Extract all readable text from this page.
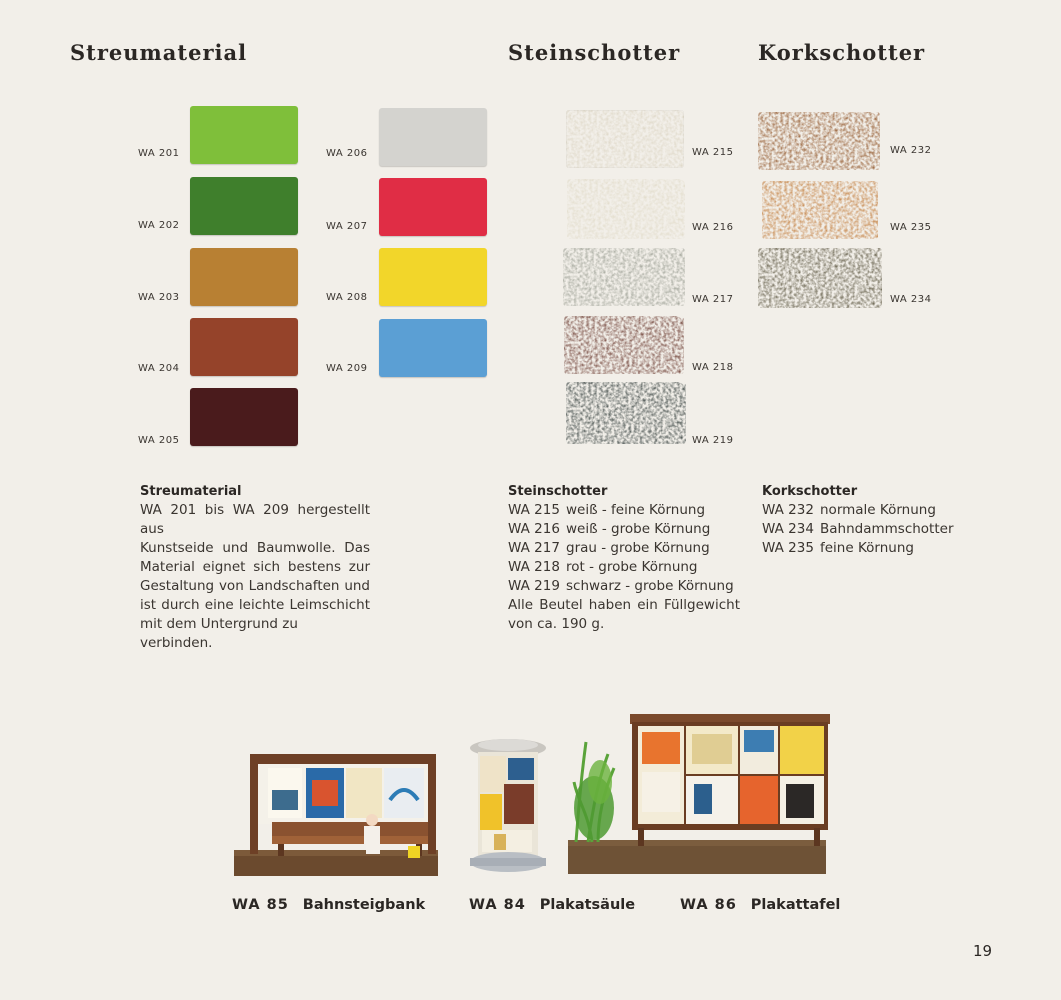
Streumaterial	Steinschotter	Korkschotter
WA 201
WA 202
WA 203
WA 204
WA 205
WA 206
WA 207
WA 208
WA 209
WA 215
WA 216
WA 217
WA 218
WA 219
WA 232
WA 235
WA 234
Streumaterial
WA 201 bis WA 209 hergestellt aus
Kunstseide und Baumwolle. Das
Material eignet sich bestens zur
Gestaltung von Landschaften und
ist durch eine leichte Leimschicht
mit dem Untergrund zu verbinden.
Steinschotter
WA 215 weiß - feine Körnung
WA 216 weiß - grobe Körnung
WA 217 grau - grobe Körnung
WA 218 rot - grobe Körnung
WA 219 schwarz - grobe Körnung
Alle Beutel haben ein Füllgewicht
von ca. 190 g.
Korkschotter
WA 232 normale Körnung
WA 234 Bahndammschotter
WA 235 feine Körnung
WA 85 Bahnsteigbank	WA 84 Plakatsäule	WA 86 Plakattafel
19
